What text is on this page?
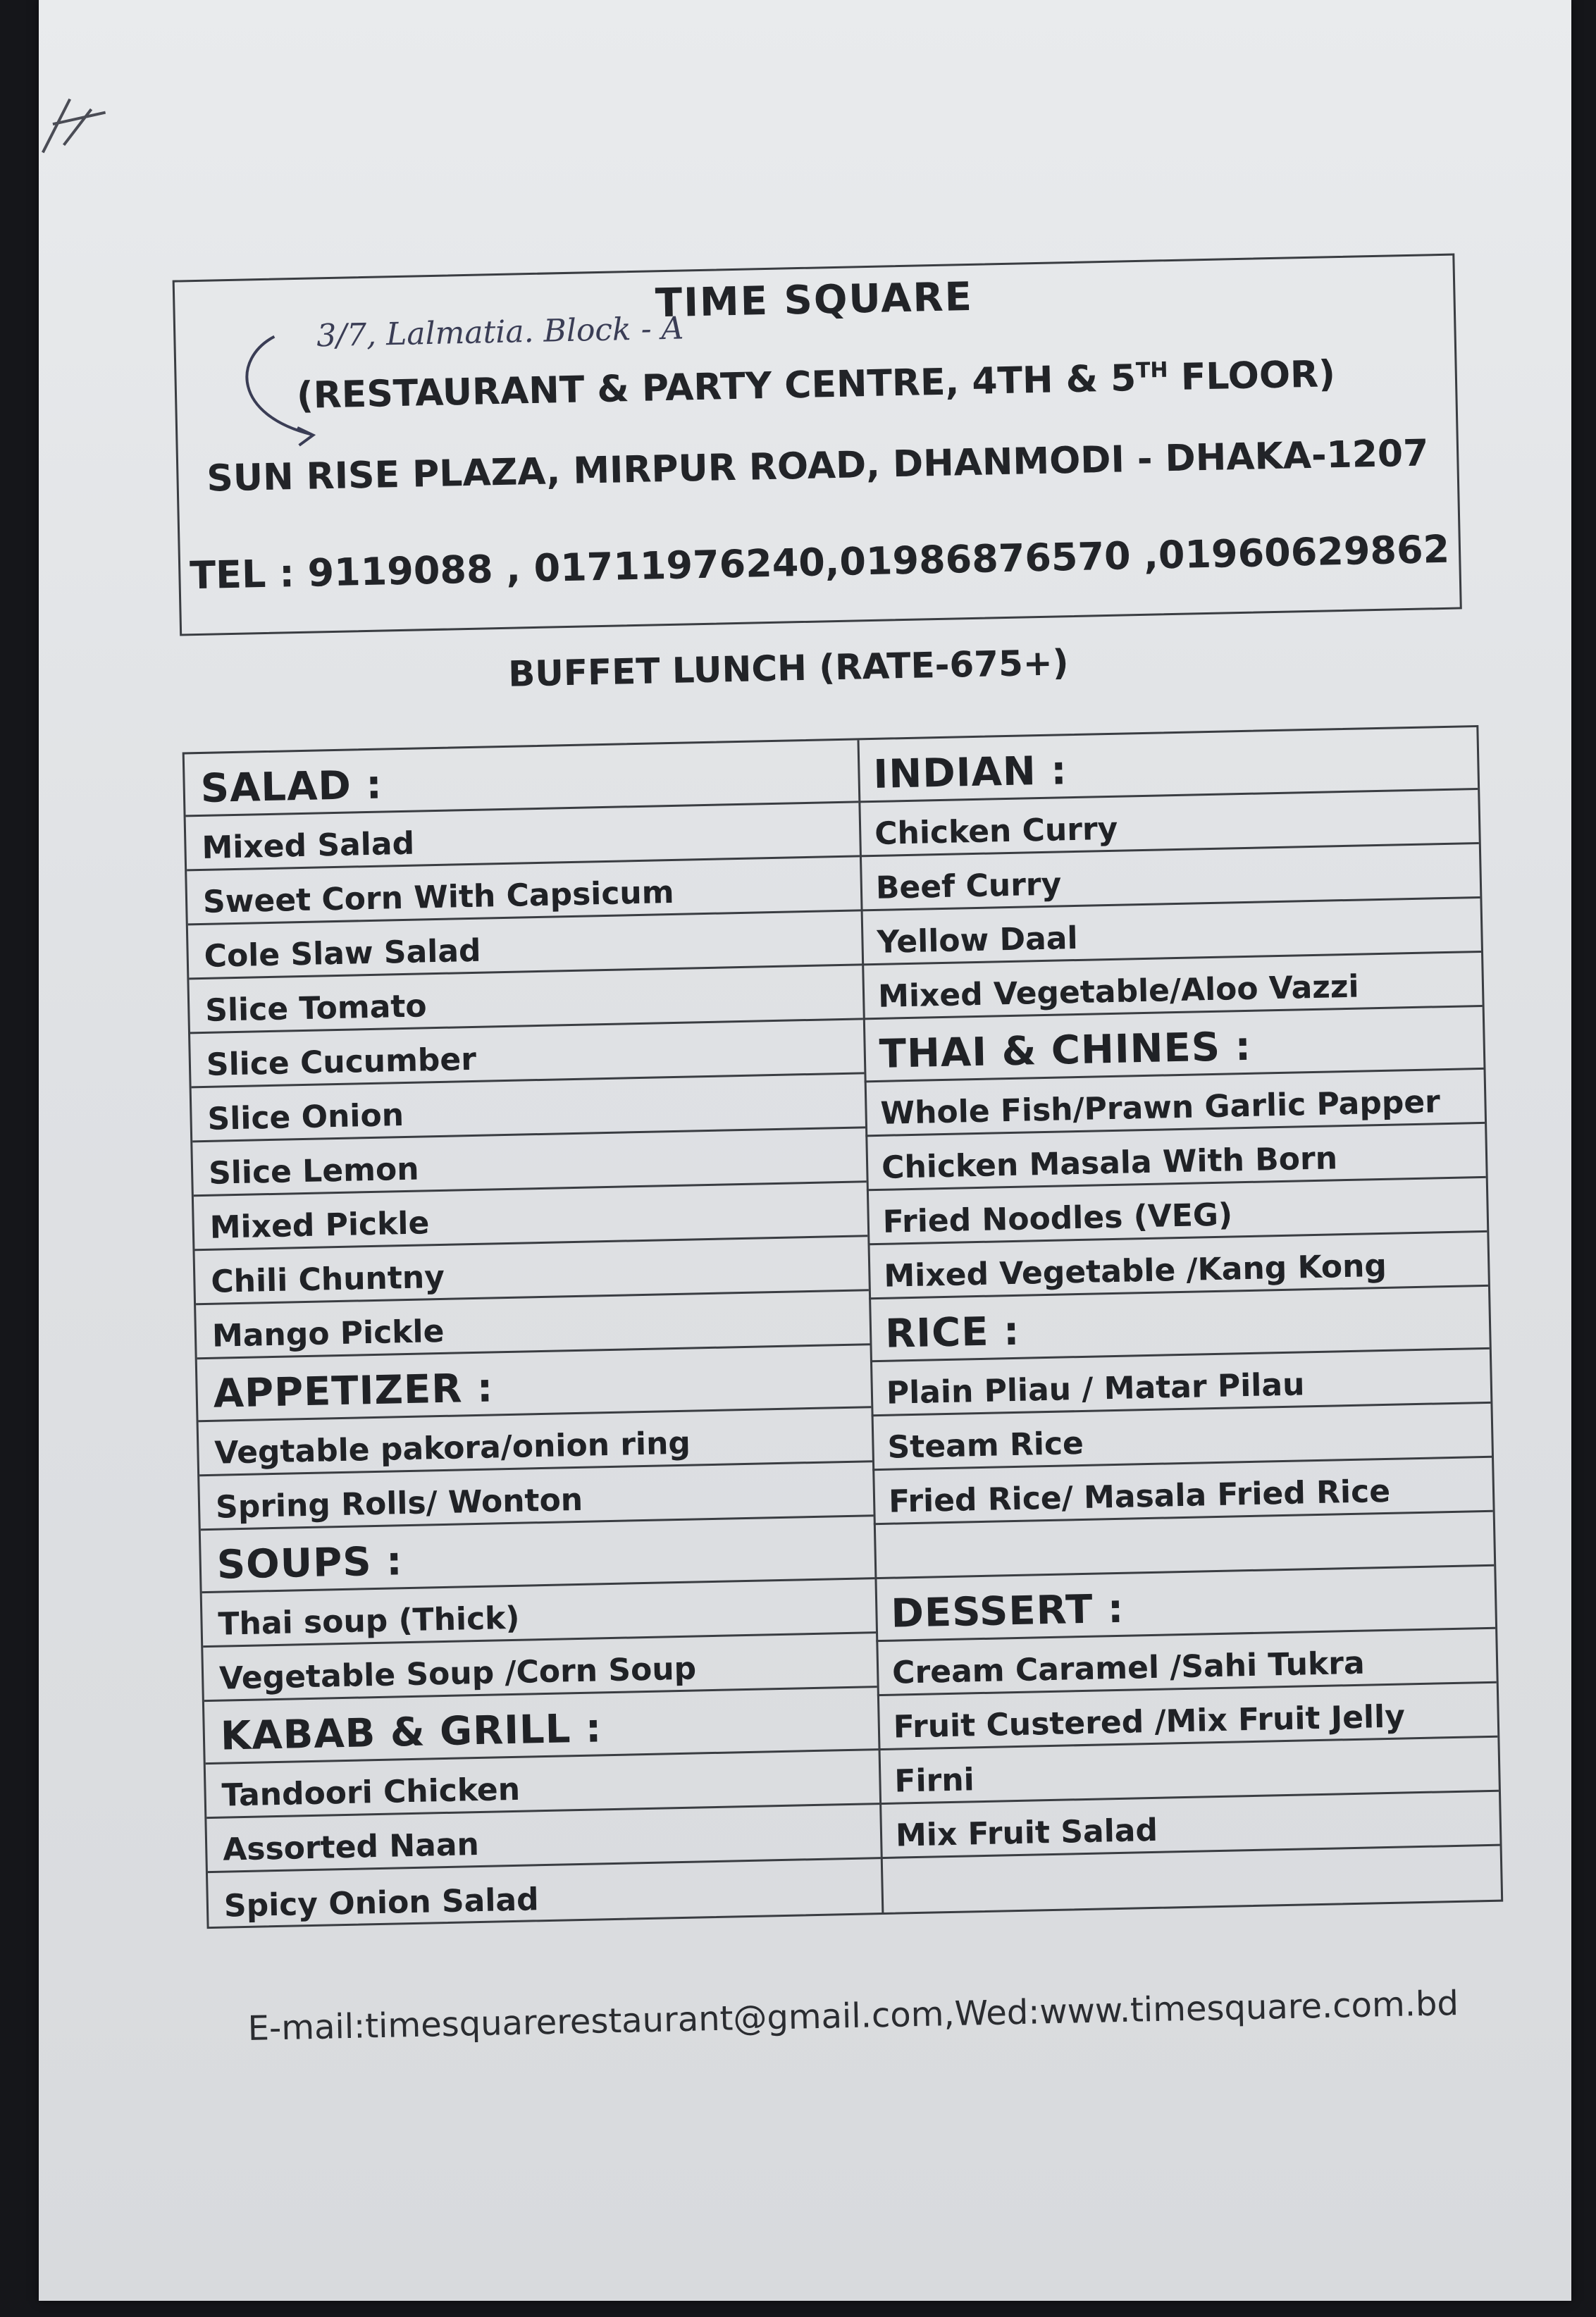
3/7, Lalmatia. Block - A
TIME SQUARE
(RESTAURANT & PARTY CENTRE, 4TH & 5TH FLOOR)
SUN RISE PLAZA, MIRPUR ROAD, DHANMODI - DHAKA-1207
TEL : 9119088 , 01711976240,01986876570 ,01960629862
BUFFET LUNCH (RATE-675+)
SALAD :
Mixed Salad
Sweet Corn With Capsicum
Cole Slaw Salad
Slice Tomato
Slice Cucumber
Slice Onion
Slice Lemon
Mixed Pickle
Chili Chuntny
Mango Pickle
APPETIZER :
Vegtable pakora/onion ring
Spring Rolls/ Wonton
SOUPS :
Thai soup (Thick)
Vegetable Soup /Corn Soup
KABAB & GRILL :
Tandoori Chicken
Assorted Naan
Spicy Onion Salad
INDIAN :
Chicken Curry
Beef Curry
Yellow Daal
Mixed Vegetable/Aloo Vazzi
THAI & CHINES :
Whole Fish/Prawn Garlic Papper
Chicken Masala With Born
Fried Noodles (VEG)
Mixed Vegetable /Kang Kong
RICE :
Plain Pliau / Matar Pilau
Steam Rice
Fried Rice/ Masala Fried Rice
DESSERT :
Cream Caramel /Sahi Tukra
Fruit Custered /Mix Fruit Jelly
Firni
Mix Fruit Salad
E-mail:timesquarerestaurant@gmail.com,Wed:www.timesquare.com.bd
